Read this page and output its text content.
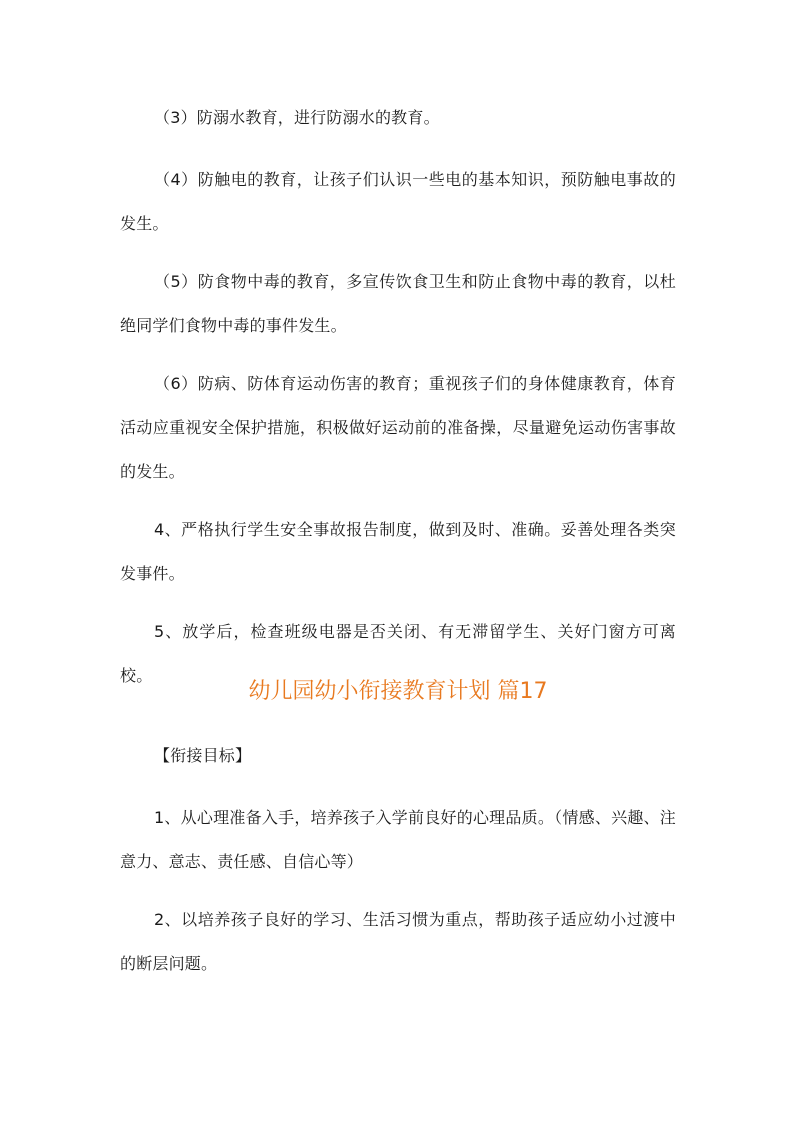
（3）防溺水教育，进行防溺水的教育。

（4）防触电的教育，让孩子们认识一些电的基本知识，预防触电事故的发生。

（5）防食物中毒的教育，多宣传饮食卫生和防止食物中毒的教育，以杜绝同学们食物中毒的事件发生。

（6）防病、防体育运动伤害的教育；重视孩子们的身体健康教育，体育活动应重视安全保护措施，积极做好运动前的准备操，尽量避免运动伤害事故的发生。

4、严格执行学生安全事故报告制度，做到及时、准确。妥善处理各类突发事件。

5、放学后，检查班级电器是否关闭、有无滞留学生、关好门窗方可离校。

幼儿园幼小衔接教育计划 篇17

【衔接目标】

1、从心理准备入手，培养孩子入学前良好的心理品质。（情感、兴趣、注意力、意志、责任感、自信心等）

2、以培养孩子良好的学习、生活习惯为重点，帮助孩子适应幼小过渡中的断层问题。
